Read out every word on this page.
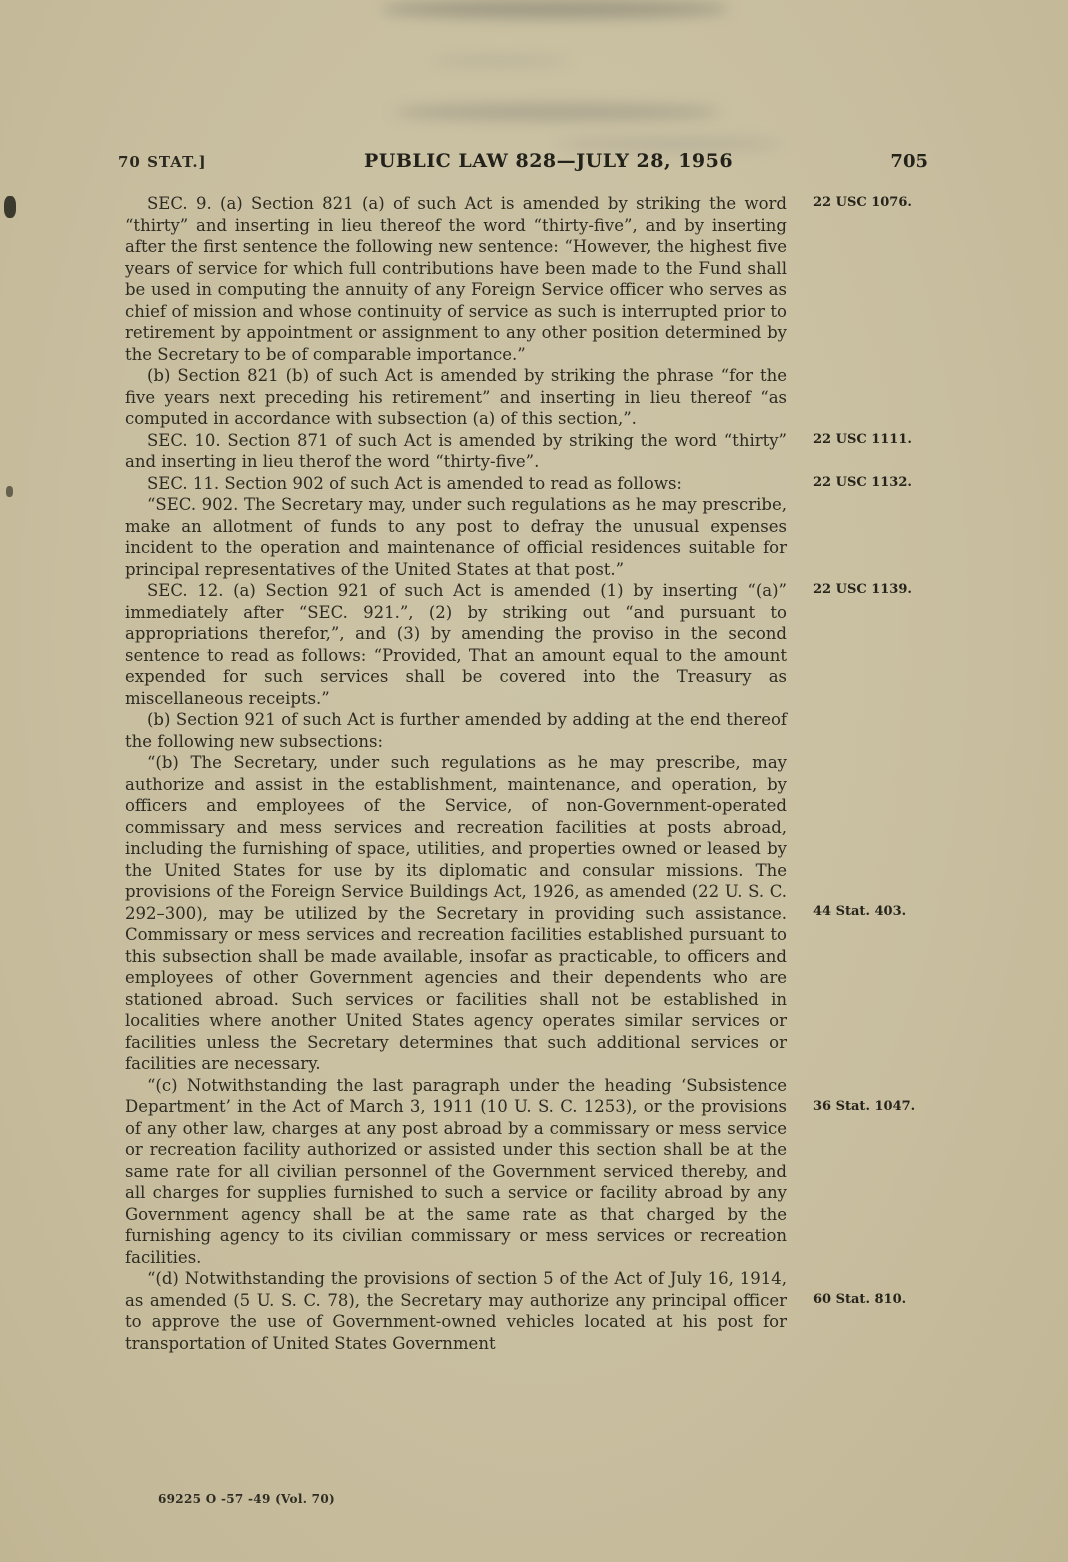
70 STAT.]	PUBLIC LAW 828—JULY 28, 1956	705

SEC. 9. (a) Section 821 (a) of such Act is amended by striking the word “thirty” and inserting in lieu thereof the word “thirty-five”, and by inserting after the first sentence the following new sentence: “However, the highest five years of service for which full contributions have been made to the Fund shall be used in computing the annuity of any Foreign Service officer who serves as chief of mission and whose continuity of service as such is interrupted prior to retirement by appointment or assignment to any other position determined by the Secretary to be of comparable importance.”

22 USC 1076.

(b) Section 821 (b) of such Act is amended by striking the phrase “for the five years next preceding his retirement” and inserting in lieu thereof “as computed in accordance with subsection (a) of this section,”.

SEC. 10. Section 871 of such Act is amended by striking the word “thirty” and inserting in lieu therof the word “thirty-five”.

22 USC 1111.

SEC. 11. Section 902 of such Act is amended to read as follows:	22 USC 1132.

“SEC. 902. The Secretary may, under such regulations as he may prescribe, make an allotment of funds to any post to defray the unusual expenses incident to the operation and maintenance of official residences suitable for principal representatives of the United States at that post.”

SEC. 12. (a) Section 921 of such Act is amended (1) by inserting “(a)” immediately after “SEC. 921.”, (2) by striking out “and pursuant to appropriations therefor,”, and (3) by amending the proviso in the second sentence to read as follows: “Provided, That an amount equal to the amount expended for such services shall be covered into the Treasury as miscellaneous receipts.”

22 USC 1139.

(b) Section 921 of such Act is further amended by adding at the end thereof the following new subsections:

“(b) The Secretary, under such regulations as he may prescribe, may authorize and assist in the establishment, maintenance, and operation, by officers and employees of the Service, of non-Government-operated commissary and mess services and recreation facilities at posts abroad, including the furnishing of space, utilities, and properties owned or leased by the United States for use by its diplomatic and consular missions. The provisions of the Foreign Service Buildings Act, 1926, as amended (22 U. S. C. 292–300), may be utilized by the Secretary in providing such assistance. Commissary or mess services and recreation facilities established pursuant to this subsection shall be made available, insofar as practicable, to officers and employees of other Government agencies and their dependents who are stationed abroad. Such services or facilities shall not be established in localities where another United States agency operates similar services or facilities unless the Secretary determines that such additional services or facilities are necessary.

44 Stat. 403.

“(c) Notwithstanding the last paragraph under the heading ‘Subsistence Department’ in the Act of March 3, 1911 (10 U. S. C. 1253), or the provisions of any other law, charges at any post abroad by a commissary or mess service or recreation facility authorized or assisted under this section shall be at the same rate for all civilian personnel of the Government serviced thereby, and all charges for supplies furnished to such a service or facility abroad by any Government agency shall be at the same rate as that charged by the furnishing agency to its civilian commissary or mess services or recreation facilities.

36 Stat. 1047.

“(d) Notwithstanding the provisions of section 5 of the Act of July 16, 1914, as amended (5 U. S. C. 78), the Secretary may authorize any principal officer to approve the use of Government-owned vehicles located at his post for transportation of United States Government

60 Stat. 810.
69225 O -57 -49 (Vol. 70)
